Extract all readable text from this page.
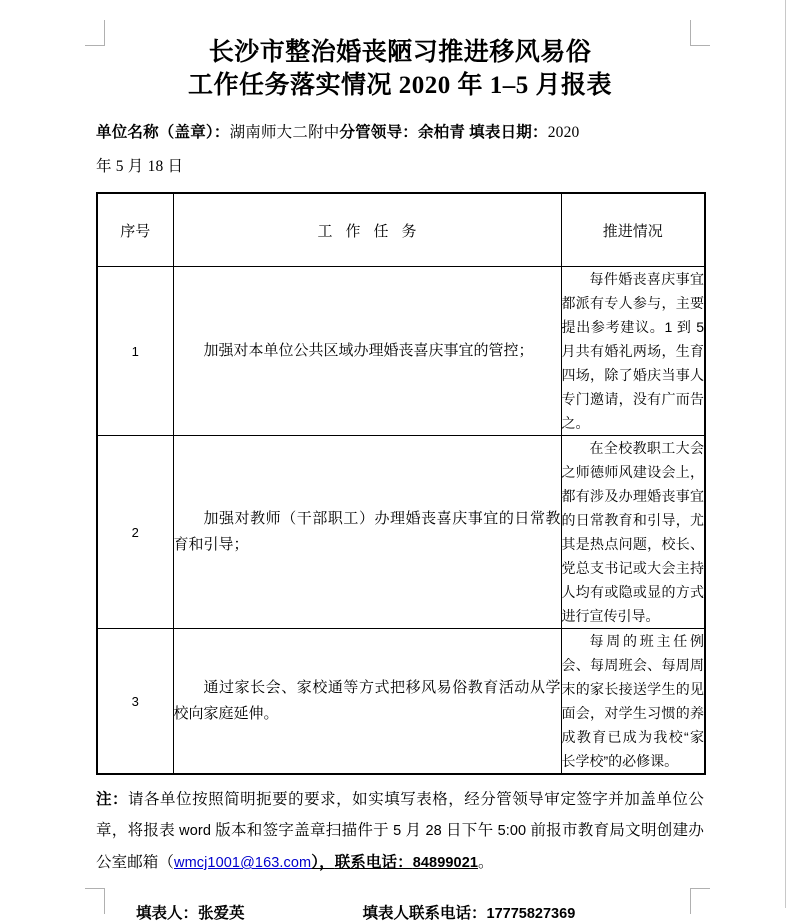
长沙市整治婚丧陋习推进移风易俗
工作任务落实情况 2020 年 1–5 月报表
单位名称（盖章）：湖南师大二附中分管领导：余柏青 填表日期：2020
年 5 月 18 日
序号	工作任务	推进情况
1	加强对本单位公共区域办理婚丧喜庆事宜的管控；	每件婚丧喜庆事宜都派有专人参与，主要提出参考建议。1 到 5 月共有婚礼两场，生育四场，除了婚庆当事人专门邀请，没有广而告之。
2	加强对教师（干部职工）办理婚丧喜庆事宜的日常教育和引导；	在全校教职工大会之师德师风建设会上，都有涉及办理婚丧事宜的日常教育和引导，尤其是热点问题，校长、党总支书记或大会主持人均有或隐或显的方式进行宣传引导。
3	通过家长会、家校通等方式把移风易俗教育活动从学校向家庭延伸。	每周的班主任例会、每周班会、每周周末的家长接送学生的见面会，对学生习惯的养成教育已成为我校“家长学校”的必修课。
注：请各单位按照简明扼要的要求，如实填写表格，经分管领导审定签字并加盖单位公章，将报表 word 版本和签字盖章扫描件于 5 月 28 日下午 5:00 前报市教育局文明创建办公室邮箱（wmcj1001@163.com），联系电话：84899021。
填表人：张爱英	填表人联系电话：17775827369
